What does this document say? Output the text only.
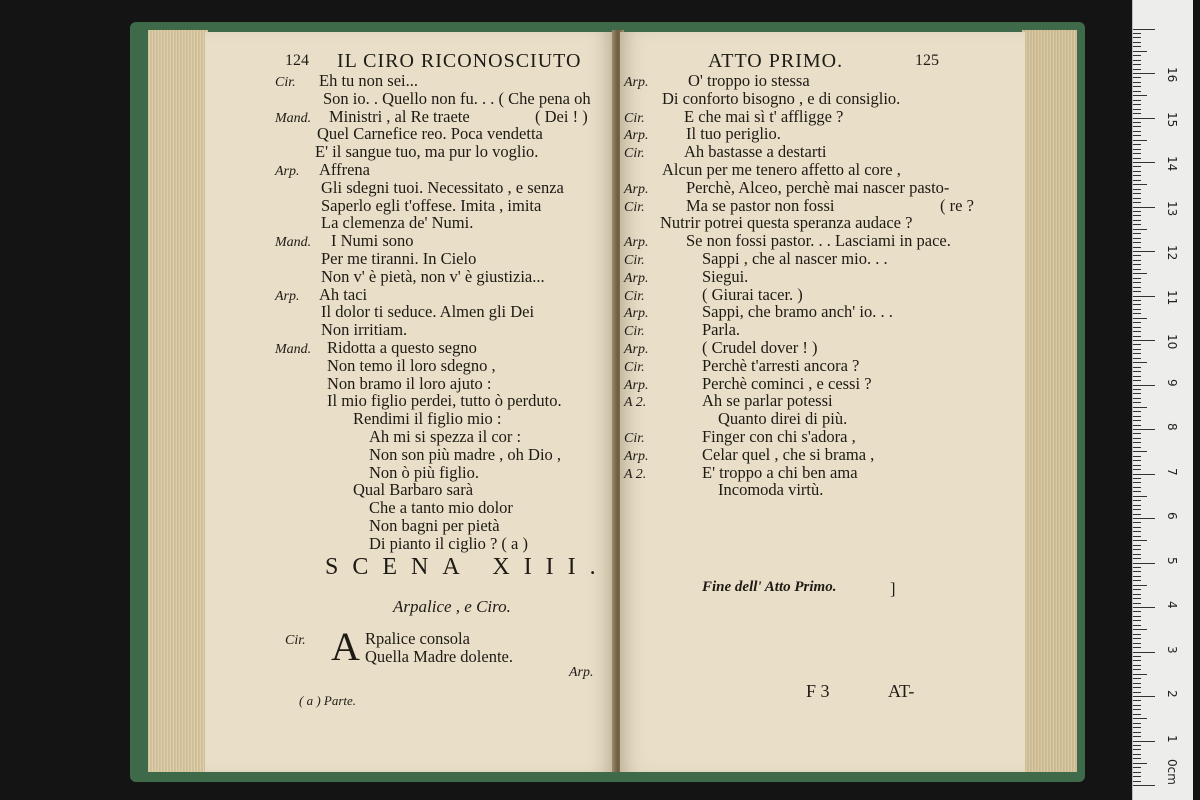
124 IL CIRO RICONOSCIUTO
Cir. Eh tu non sei...
Son io. . Quello non fu. . . ( Che pena oh
Mand. Ministri , al Re traete	( Dei ! )
Quel Carnefice reo. Poca vendetta
E' il sangue tuo, ma pur lo voglio.
Arp. Affrena
Gli sdegni tuoi. Necessitato , e senza
Saperlo egli t'offese. Imita , imita
La clemenza de' Numi.
Mand. I Numi sono
Per me tiranni. In Cielo
Non v' è pietà, non v' è giustizia...
Arp. Ah taci
Il dolor ti seduce. Almen gli Dei
Non irritiam.
Mand. Ridotta a questo segno
Non temo il loro sdegno ,
Non bramo il loro ajuto :
Il mio figlio perdei, tutto ò perduto.
Rendimi il figlio mio :
Ah mi si spezza il cor :
Non son più madre , oh Dio ,
Non ò più figlio.
Qual Barbaro sarà
Che a tanto mio dolor
Non bagni per pietà
Di pianto il ciglio ? ( a )
SCENA XIII.
Arpalice , e Ciro.
Cir. A Rpalice consola
Quella Madre dolente.
Arp.
( a ) Parte.
ATTO PRIMO.	125
Arp. O' troppo io stessa
Di conforto bisogno , e di consiglio.
Cir. E che mai sì t' affligge ?
Arp. Il tuo periglio.
Cir. Ah bastasse a destarti
Alcun per me tenero affetto al core ,
Arp. Perchè, Alceo, perchè mai nascer pasto-
Cir.	Ma se pastor non fossi	( re ?
Nutrir potrei questa speranza audace ?
Arp. Se non fossi pastor. . . Lasciami in pace.
Cir.	Sappi , che al nascer mio. . .
Arp.	Siegui.
Cir.	( Giurai tacer. )
Arp.	Sappi, che bramo anch' io. . .
Cir.	Parla.
Arp.	( Crudel dover ! )
Cir.	Perchè t'arresti ancora ?
Arp.	Perchè cominci , e cessi ?
A 2.	Ah se parlar potessi
Quanto direi di più.
Cir.	Finger con chi s'adora ,
Arp.	Celar quel , che si brama ,
A 2.	E' troppo a chi ben ama
Incomoda virtù.
Fine dell' Atto Primo.	]
F 3	AT-
16
15
14
13
12
11
10
9
8
7
6
5
4
3
2
1
0cm
